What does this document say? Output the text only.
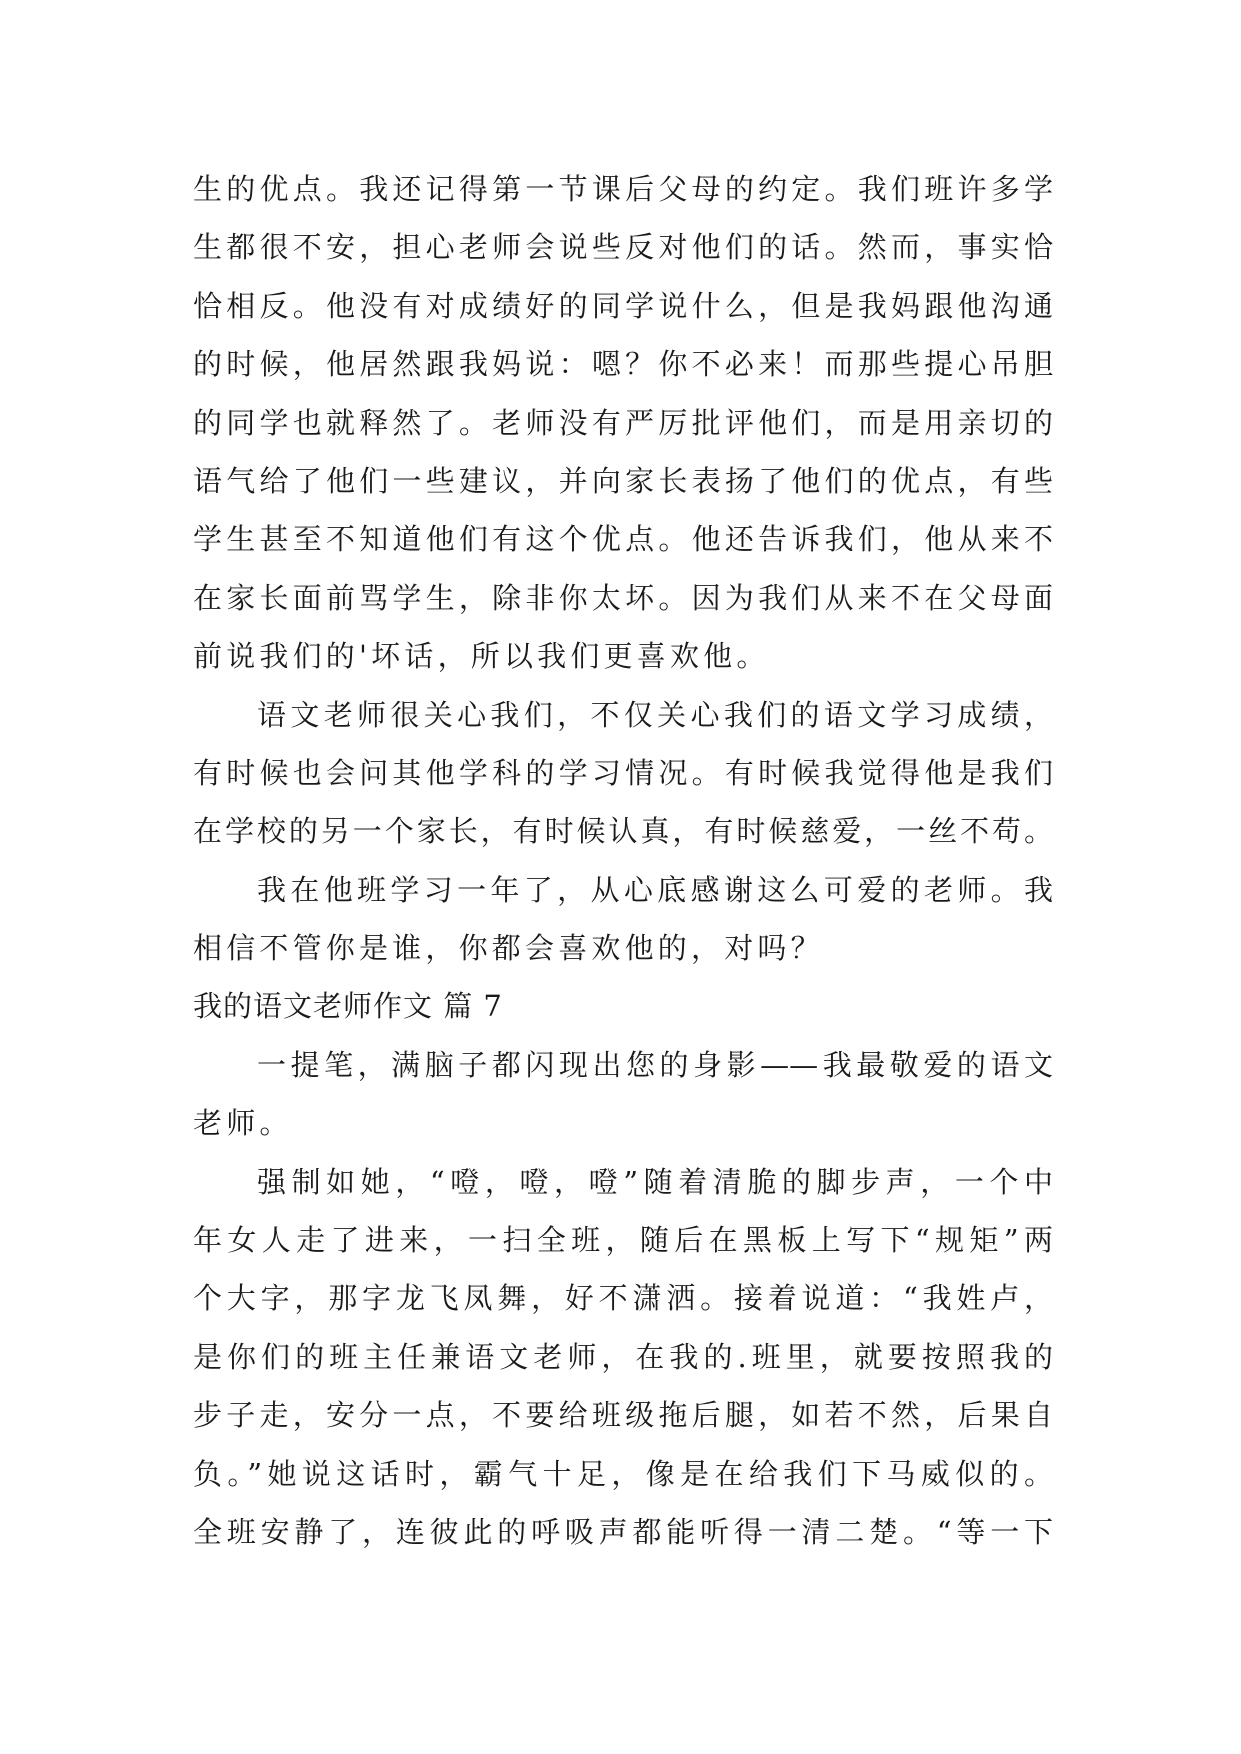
生的优点。我还记得第一节课后父母的约定。我们班许多学
生都很不安，担心老师会说些反对他们的话。然而，事实恰
恰相反。他没有对成绩好的同学说什么，但是我妈跟他沟通
的时候，他居然跟我妈说：嗯？你不必来！而那些提心吊胆
的同学也就释然了。老师没有严厉批评他们，而是用亲切的
语气给了他们一些建议，并向家长表扬了他们的优点，有些
学生甚至不知道他们有这个优点。他还告诉我们，他从来不
在家长面前骂学生，除非你太坏。因为我们从来不在父母面
前说我们的'坏话，所以我们更喜欢他。
语文老师很关心我们，不仅关心我们的语文学习成绩，
有时候也会问其他学科的学习情况。有时候我觉得他是我们
在学校的另一个家长，有时候认真，有时候慈爱，一丝不苟。
我在他班学习一年了，从心底感谢这么可爱的老师。我
相信不管你是谁，你都会喜欢他的，对吗？
我的语文老师作文 篇 7
一提笔，满脑子都闪现出您的身影——我最敬爱的语文
老师。
强制如她，“噔，噔，噔”随着清脆的脚步声，一个中
年女人走了进来，一扫全班，随后在黑板上写下“规矩”两
个大字，那字龙飞凤舞，好不潇洒。接着说道：“我姓卢，
是你们的班主任兼语文老师，在我的.班里，就要按照我的
步子走，安分一点，不要给班级拖后腿，如若不然，后果自
负。”她说这话时，霸气十足，像是在给我们下马威似的。
全班安静了，连彼此的呼吸声都能听得一清二楚。“等一下
